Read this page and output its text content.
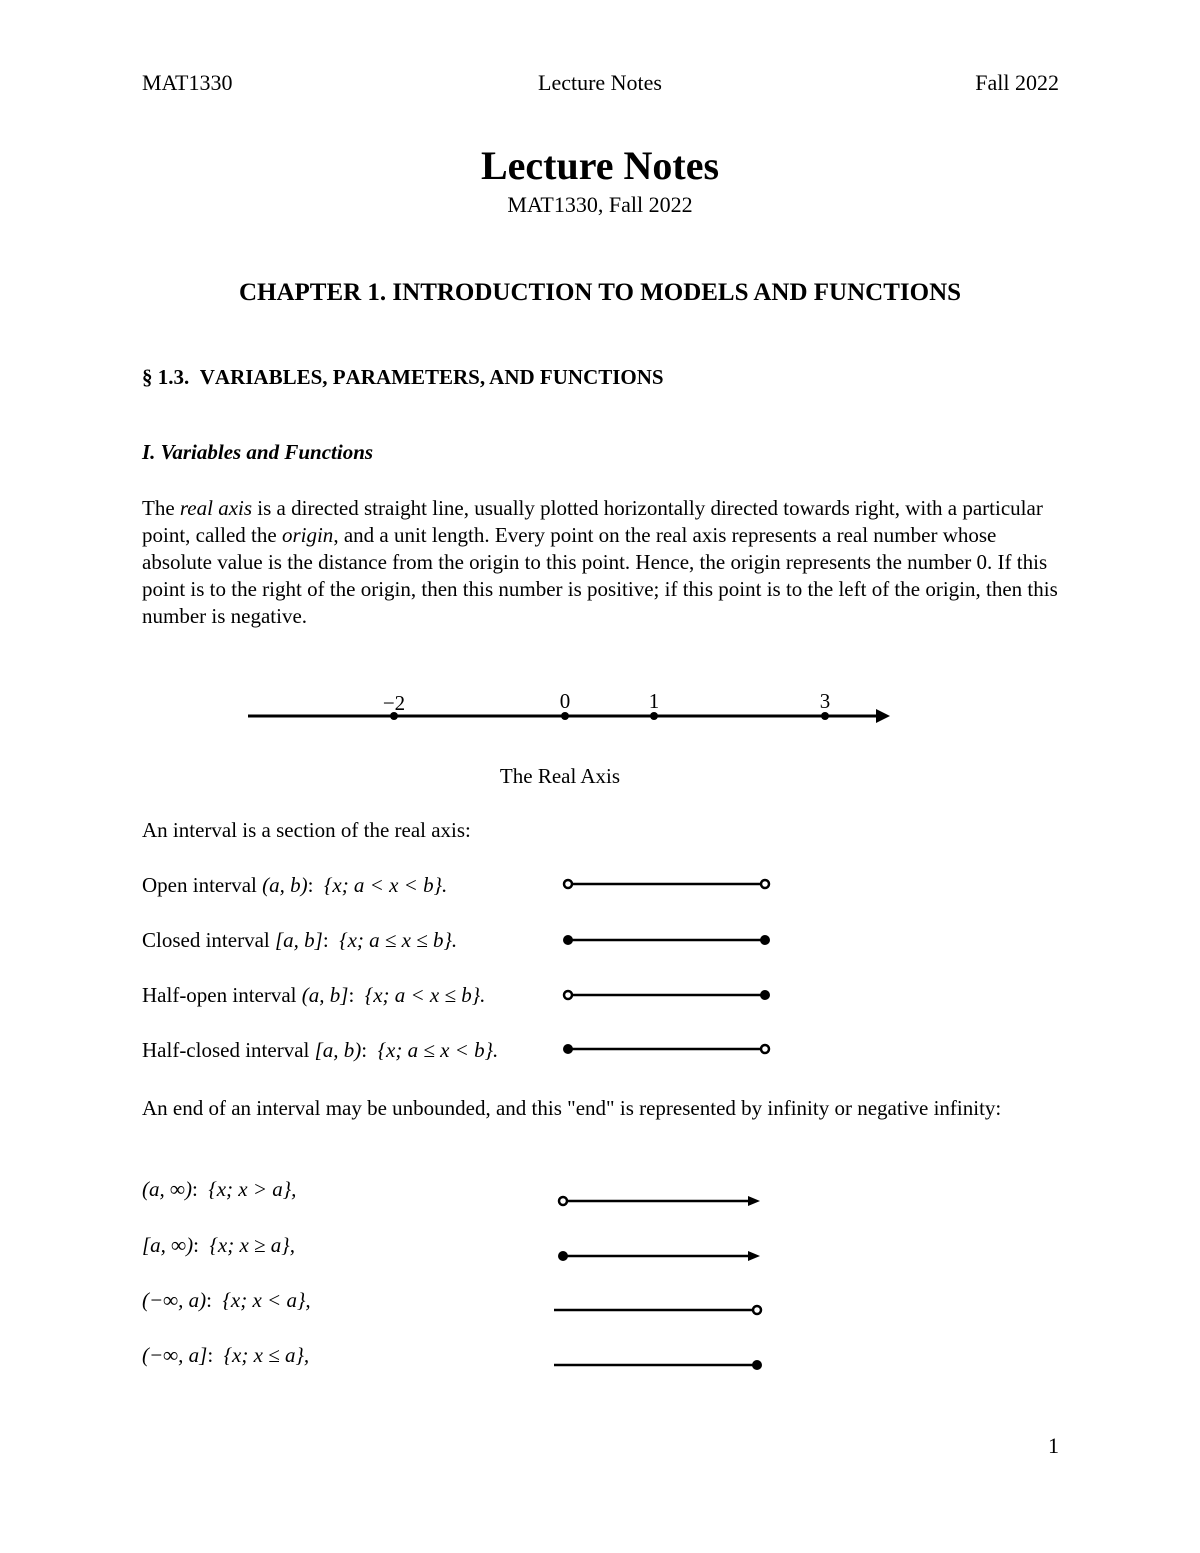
MAT1330	Lecture Notes	Fall 2022
Lecture Notes
MAT1330, Fall 2022
CHAPTER 1. INTRODUCTION TO MODELS AND FUNCTIONS
§ 1.3. VARIABLES, PARAMETERS, AND FUNCTIONS
I. Variables and Functions
The real axis is a directed straight line, usually plotted horizontally directed towards right, with a particular point, called the origin, and a unit length. Every point on the real axis represents a real number whose absolute value is the distance from the origin to this point. Hence, the origin represents the number 0. If this point is to the right of the origin, then this number is positive; if this point is to the left of the origin, then this number is negative.
−2	0	1	3
The Real Axis
An interval is a section of the real axis:
Open interval (a, b):  {x; a < x < b}.
Closed interval [a, b]:  {x; a ≤ x ≤ b}.
Half-open interval (a, b]:  {x; a < x ≤ b}.
Half-closed interval [a, b):  {x; a ≤ x < b}.
An end of an interval may be unbounded, and this "end" is represented by infinity or negative infinity:
(a, ∞):  {x; x > a},
[a, ∞):  {x; x ≥ a},
(−∞, a):  {x; x < a},
(−∞, a]:  {x; x ≤ a},
1
